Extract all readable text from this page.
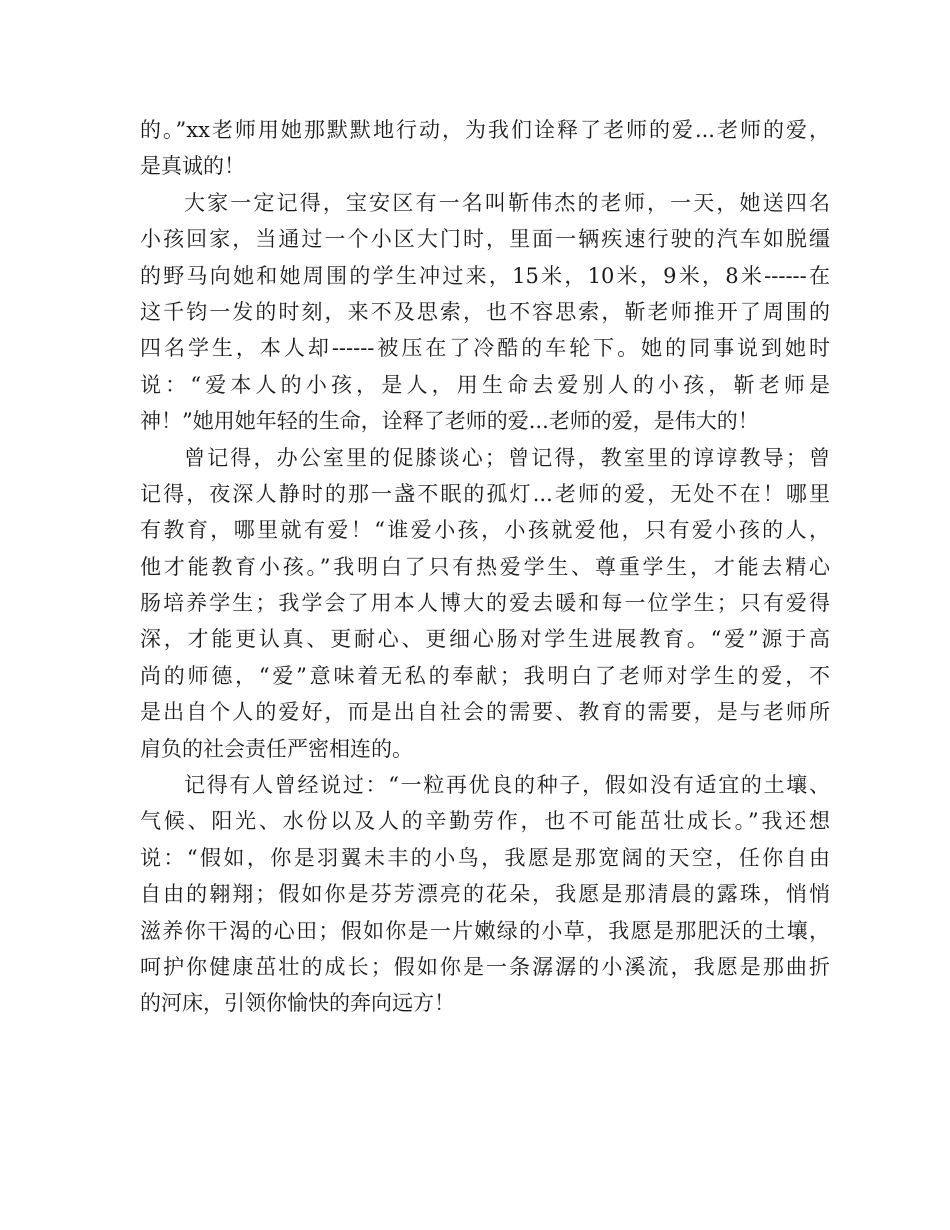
的。”xx老师用她那默默地行动，为我们诠释了老师的爱...老师的爱，
是真诚的！
大家一定记得，宝安区有一名叫靳伟杰的老师，一天，她送四名
小孩回家，当通过一个小区大门时，里面一辆疾速行驶的汽车如脱缰
的野马向她和她周围的学生冲过来，15米，10米，9米，8米------在
这千钧一发的时刻，来不及思索，也不容思索，靳老师推开了周围的
四名学生，本人却------被压在了冷酷的车轮下。她的同事说到她时
说：“爱本人的小孩，是人，用生命去爱别人的小孩，靳老师是
神！”她用她年轻的生命，诠释了老师的爱...老师的爱，是伟大的！
曾记得，办公室里的促膝谈心；曾记得，教室里的谆谆教导；曾
记得，夜深人静时的那一盏不眠的孤灯...老师的爱，无处不在！哪里
有教育，哪里就有爱！“谁爱小孩，小孩就爱他，只有爱小孩的人，
他才能教育小孩。”我明白了只有热爱学生、尊重学生，才能去精心
肠培养学生；我学会了用本人博大的爱去暖和每一位学生；只有爱得
深，才能更认真、更耐心、更细心肠对学生进展教育。“爱”源于高
尚的师德，“爱”意味着无私的奉献；我明白了老师对学生的爱，不
是出自个人的爱好，而是出自社会的需要、教育的需要，是与老师所
肩负的社会责任严密相连的。
记得有人曾经说过：“一粒再优良的种子，假如没有适宜的土壤、
气候、阳光、水份以及人的辛勤劳作，也不可能茁壮成长。”我还想
说：“假如，你是羽翼未丰的小鸟，我愿是那宽阔的天空，任你自由
自由的翱翔；假如你是芬芳漂亮的花朵，我愿是那清晨的露珠，悄悄
滋养你干渴的心田；假如你是一片嫩绿的小草，我愿是那肥沃的土壤，
呵护你健康茁壮的成长；假如你是一条潺潺的小溪流，我愿是那曲折
的河床，引领你愉快的奔向远方！
